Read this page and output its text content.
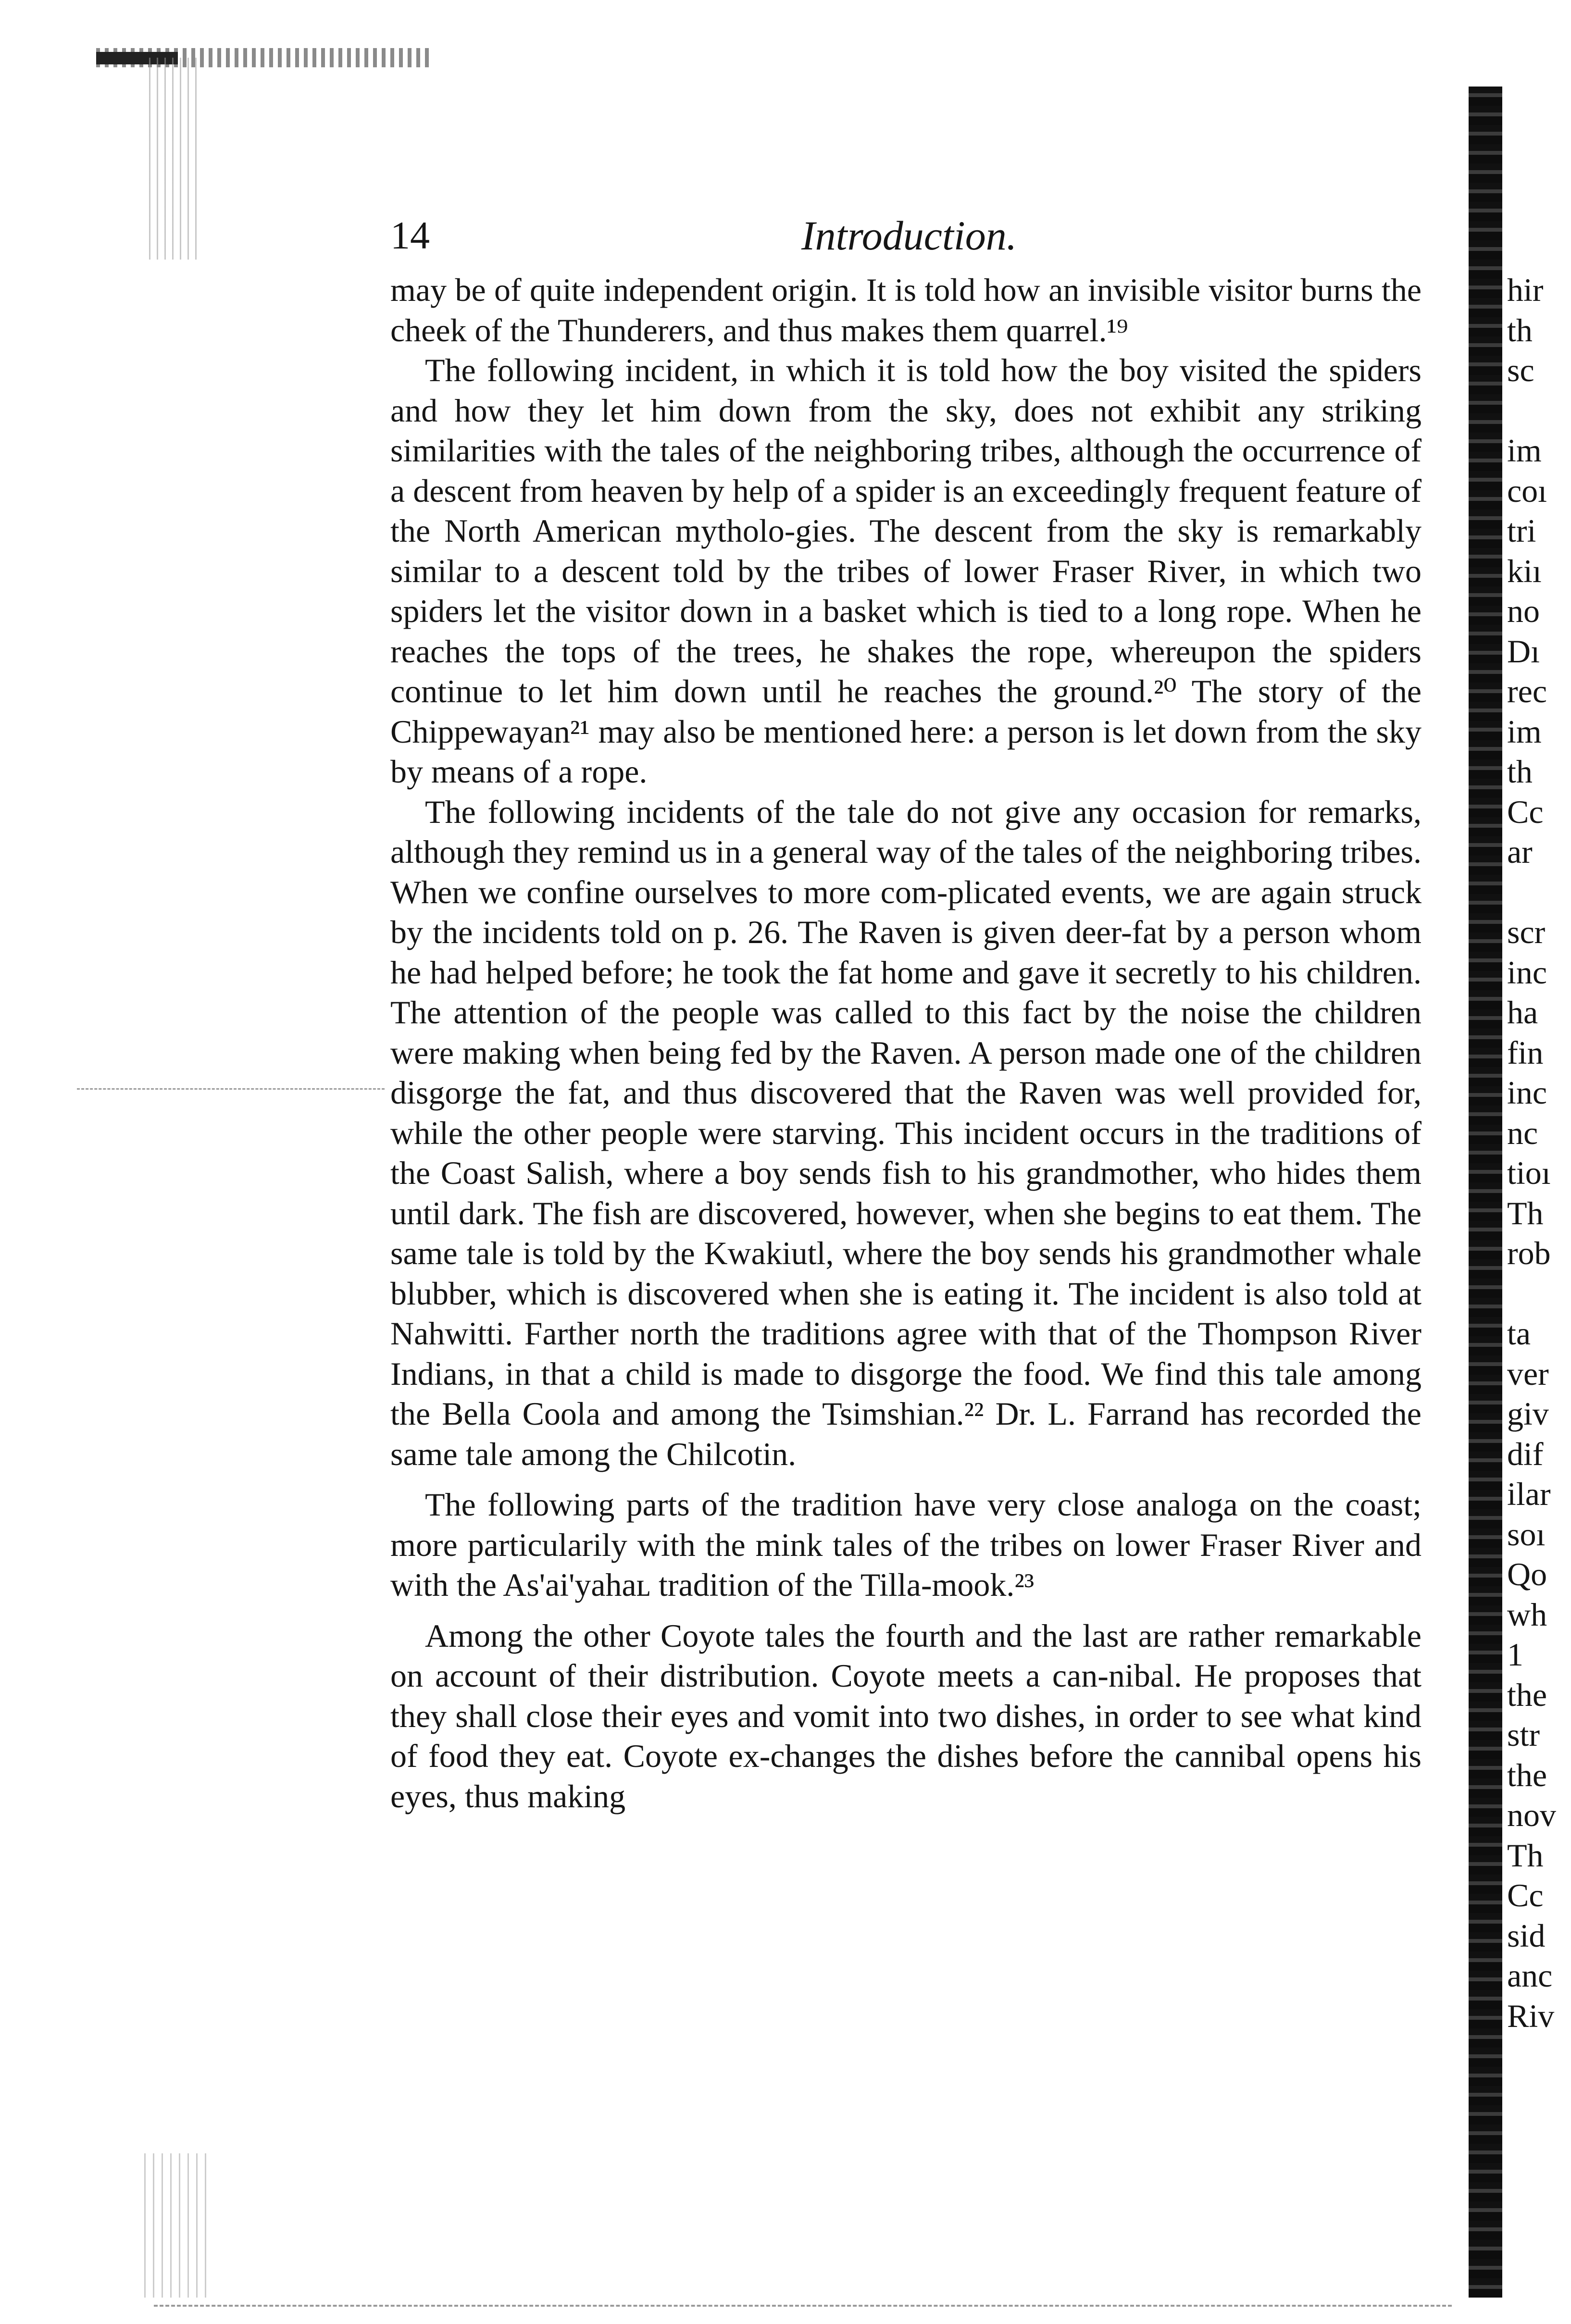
14	Introduction.

may be of quite independent origin. It is told how an invisible visitor burns the cheek of the Thunderers, and thus makes them quarrel.¹⁹

The following incident, in which it is told how the boy visited the spiders and how they let him down from the sky, does not exhibit any striking similarities with the tales of the neighboring tribes, although the occurrence of a descent from heaven by help of a spider is an exceedingly frequent feature of the North American mytholo-gies. The descent from the sky is remarkably similar to a descent told by the tribes of lower Fraser River, in which two spiders let the visitor down in a basket which is tied to a long rope. When he reaches the tops of the trees, he shakes the rope, whereupon the spiders continue to let him down until he reaches the ground.²⁰ The story of the Chippewayan²¹ may also be mentioned here: a person is let down from the sky by means of a rope.

The following incidents of the tale do not give any occasion for remarks, although they remind us in a general way of the tales of the neighboring tribes. When we confine ourselves to more com-plicated events, we are again struck by the incidents told on p. 26. The Raven is given deer-fat by a person whom he had helped before; he took the fat home and gave it secretly to his children. The attention of the people was called to this fact by the noise the children were making when being fed by the Raven. A person made one of the children disgorge the fat, and thus discovered that the Raven was well provided for, while the other people were starving. This incident occurs in the traditions of the Coast Salish, where a boy sends fish to his grandmother, who hides them until dark. The fish are discovered, however, when she begins to eat them. The same tale is told by the Kwakiutl, where the boy sends his grandmother whale blubber, which is discovered when she is eating it. The incident is also told at Nahwitti. Farther north the traditions agree with that of the Thompson River Indians, in that a child is made to disgorge the food. We find this tale among the Bella Coola and among the Tsimshian.²² Dr. L. Farrand has recorded the same tale among the Chilcotin.

The following parts of the tradition have very close analoga on the coast; more particularily with the mink tales of the tribes on lower Fraser River and with the As'ai'yahaʟ tradition of the Tilla-mook.²³

Among the other Coyote tales the fourth and the last are rather remarkable on account of their distribution. Coyote meets a can-nibal. He proposes that they shall close their eyes and vomit into two dishes, in order to see what kind of food they eat. Coyote ex-changes the dishes before the cannibal opens his eyes, thus making

hir
th
sc
im
coı
tri
kiı
no
Dı
rec
im
th
Cc
ar
scr
inc
ha
fin
inc
nc
tioı
Th
rob
ta
ver
giv
dif
ilar
soı
Qo
wh
1
the
str
the
nov
Th
Cc
sid
anc
Riv
